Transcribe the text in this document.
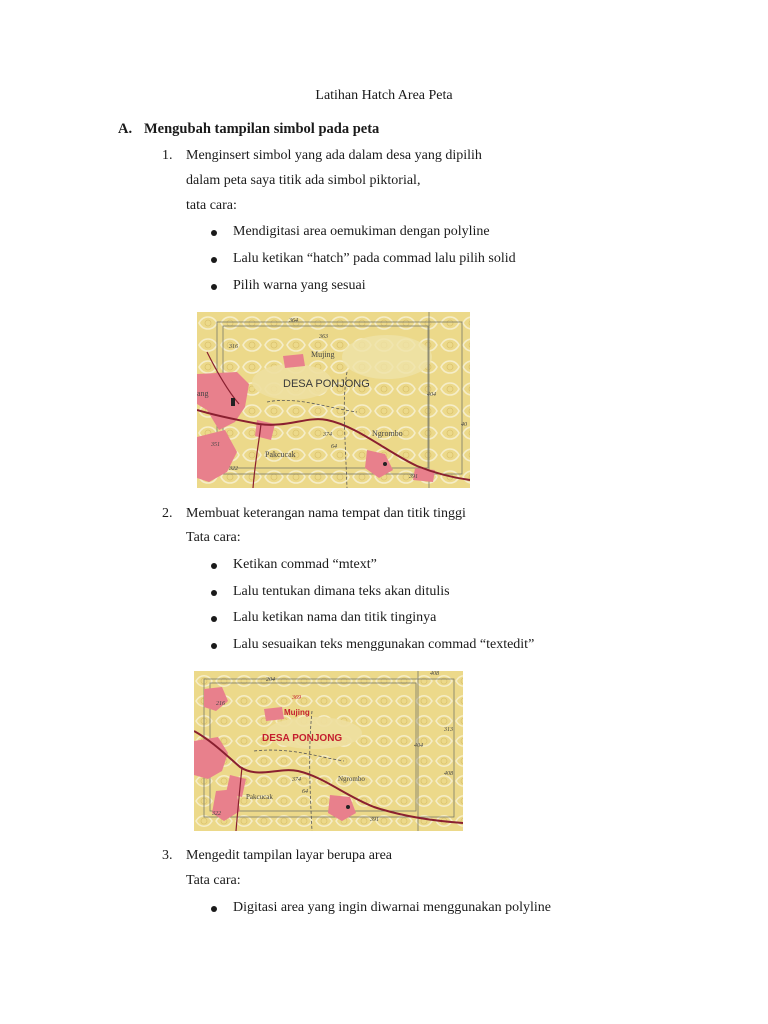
Latihan Hatch Area Peta
A. Mengubah tampilan simbol pada peta
1. Menginsert simbol yang ada dalam desa yang dipilih
dalam peta saya titik ada simbol piktorial,
tata cara:
Mendigitasi area oemukiman dengan polyline
Lalu ketikan “hatch” pada commad lalu pilih solid
Pilih warna yang sesuai
DESA PONJONG
Mujing
Ngrombo
Pakcucak
ang
364
363
316
404
374
64
351
322
391
40
2. Membuat keterangan nama tempat dan titik tinggi
Tata cara:
Ketikan commad “mtext”
Lalu tentukan dimana teks akan ditulis
Lalu ketikan nama dan titik tinginya
Lalu sesuaikan teks menggunakan commad “textedit”
DESA PONJONG
Mujing
Ngrombo
Pakcucak
204
369
216
404
313
408
374
64
322
391
408
3. Mengedit tampilan layar berupa area
Tata cara:
Digitasi area yang ingin diwarnai menggunakan polyline
